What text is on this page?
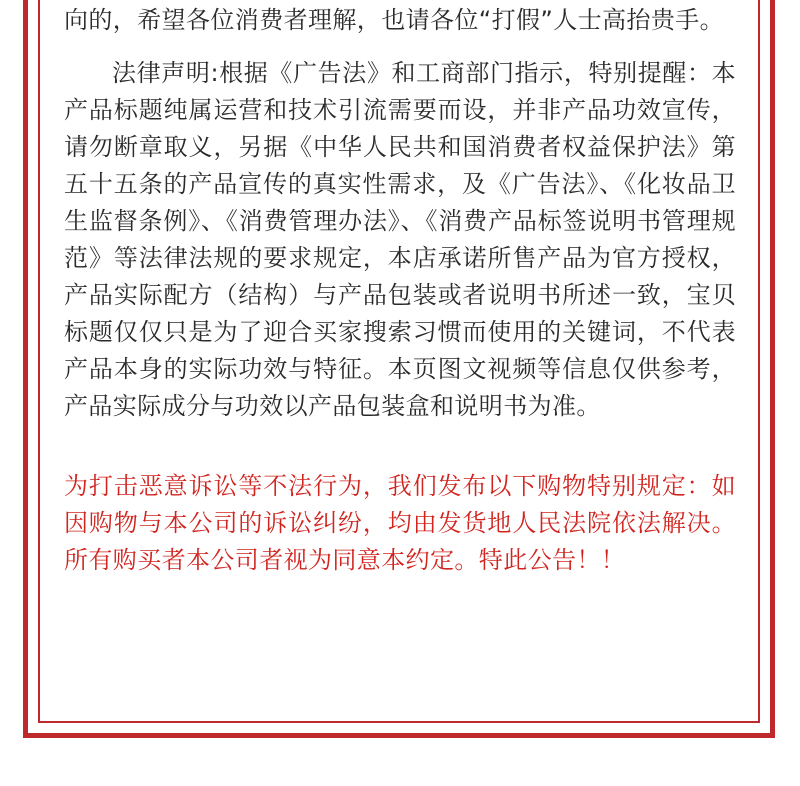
向的，希望各位消费者理解，也请各位“打假”人士高抬贵手。

法律声明:根据《广告法》和工商部门指示，特别提醒：本产品标题纯属运营和技术引流需要而设，并非产品功效宣传，请勿断章取义，另据《中华人民共和国消费者权益保护法》第五十五条的产品宣传的真实性需求，及《广告法》、《化妆品卫生监督条例》、《消费管理办法》、《消费产品标签说明书管理规范》等法律法规的要求规定，本店承诺所售产品为官方授权，产品实际配方（结构）与产品包装或者说明书所述一致，宝贝标题仅仅只是为了迎合买家搜索习惯而使用的关键词，不代表产品本身的实际功效与特征。本页图文视频等信息仅供参考，产品实际成分与功效以产品包装盒和说明书为准。

为打击恶意诉讼等不法行为，我们发布以下购物特别规定：如因购物与本公司的诉讼纠纷，均由发货地人民法院依法解决。所有购买者本公司者视为同意本约定。特此公告！！
